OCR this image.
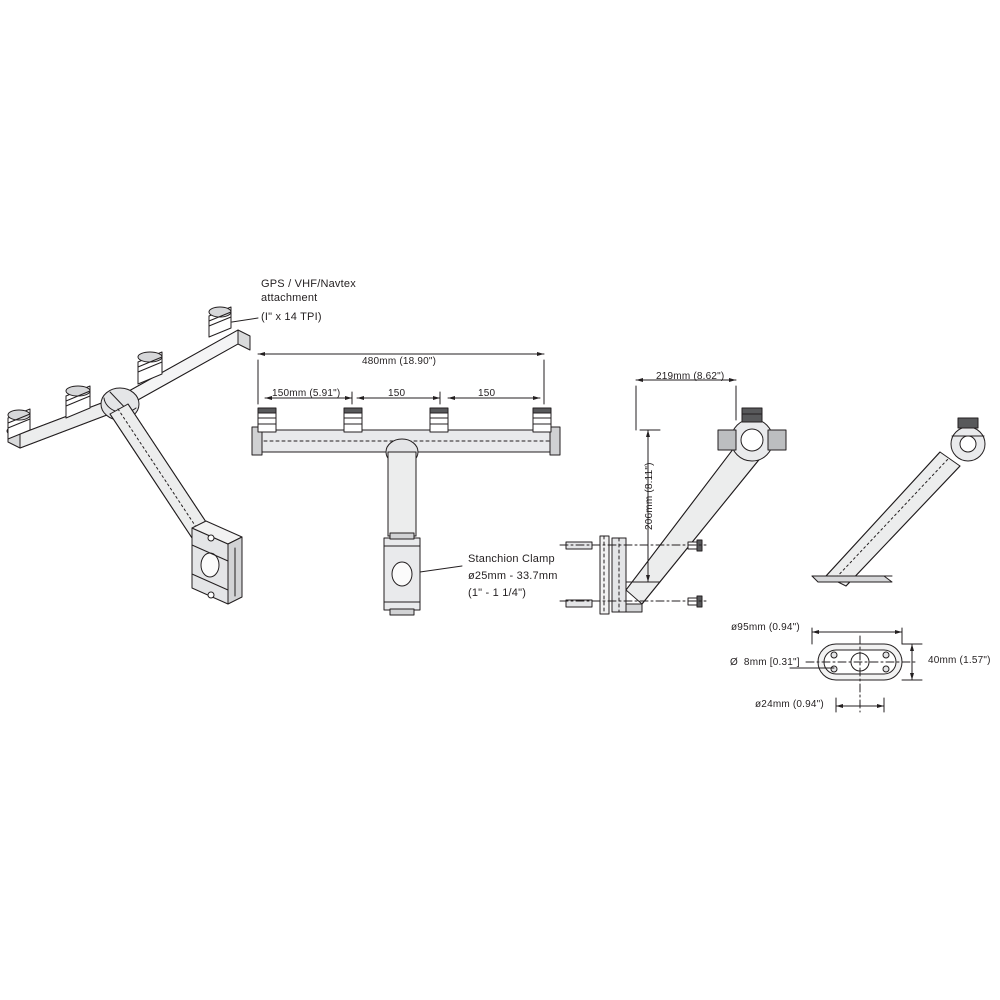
GPS / VHF/Navtex
attachment
(I" x 14 TPI)
Stanchion Clamp
ø25mm - 33.7mm
(1" - 1 1/4")
480mm (18.90")
150mm (5.91")	150	150
219mm (8.62")
206mm (8.11")
ø95mm (0.94")
Ø  8mm [0.31"]
ø24mm (0.94")
40mm (1.57")
